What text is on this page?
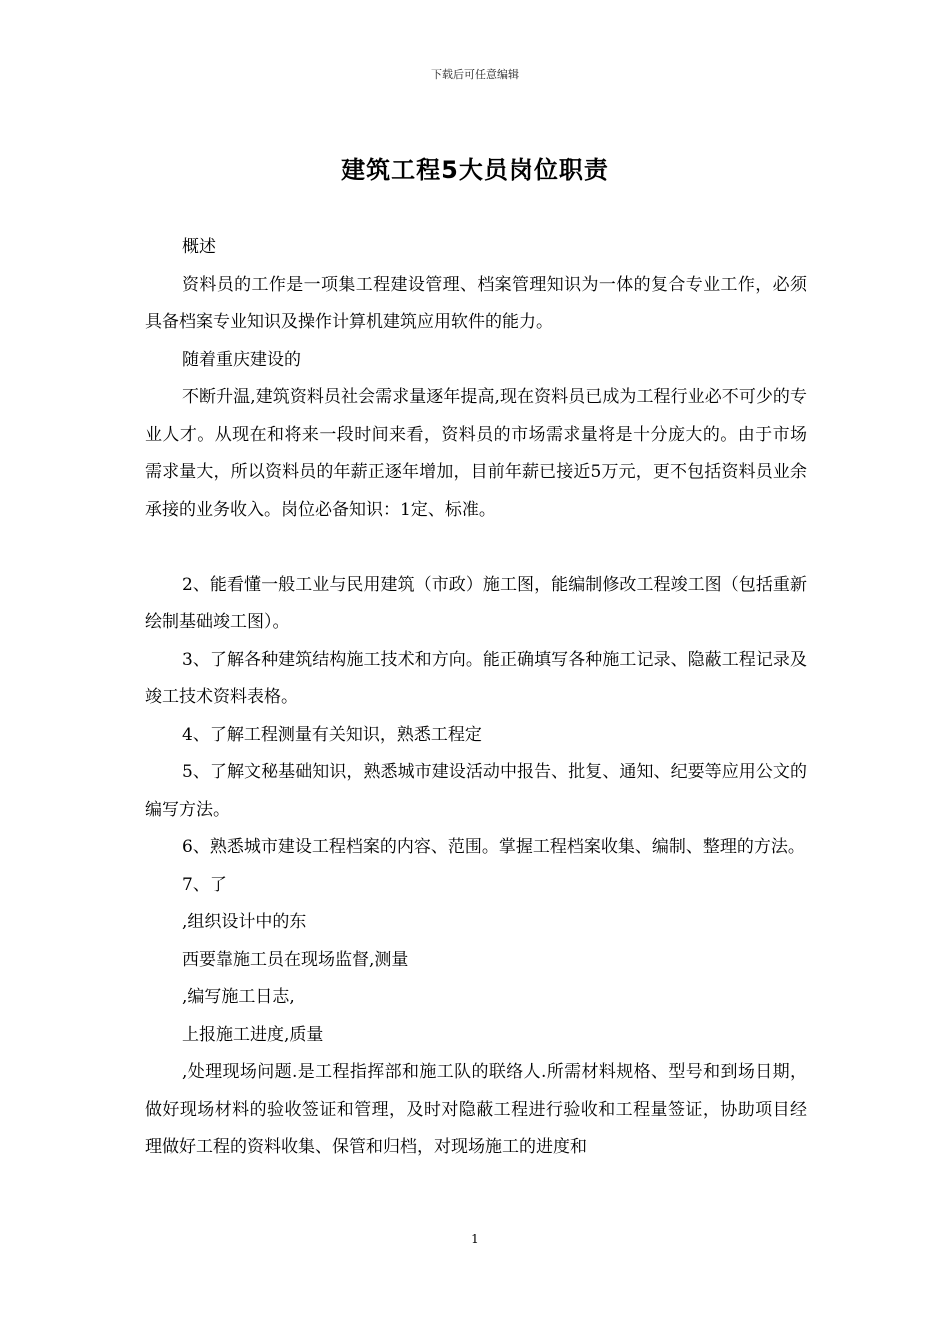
下载后可任意编辑
建筑工程5大员岗位职责

概述

资料员的工作是一项集工程建设管理、档案管理知识为一体的复合专业工作，必须具备档案专业知识及操作计算机建筑应用软件的能力。

随着重庆建设的

不断升温,建筑资料员社会需求量逐年提高,现在资料员已成为工程行业必不可少的专业人才。从现在和将来一段时间来看，资料员的市场需求量将是十分庞大的。由于市场需求量大，所以资料员的年薪正逐年增加，目前年薪已接近5万元，更不包括资料员业余承接的业务收入。岗位必备知识：1定、标准。

2、能看懂一般工业与民用建筑（市政）施工图，能编制修改工程竣工图（包括重新绘制基础竣工图）。

3、了解各种建筑结构施工技术和方向。能正确填写各种施工记录、隐蔽工程记录及竣工技术资料表格。

4、了解工程测量有关知识，熟悉工程定

5、了解文秘基础知识，熟悉城市建设活动中报告、批复、通知、纪要等应用公文的编写方法。

6、熟悉城市建设工程档案的内容、范围。掌握工程档案收集、编制、整理的方法。

7、了

,组织设计中的东

西要靠施工员在现场监督,测量

,编写施工日志,

上报施工进度,质量

,处理现场问题.是工程指挥部和施工队的联络人.所需材料规格、型号和到场日期，做好现场材料的验收签证和管理，及时对隐蔽工程进行验收和工程量签证，协助项目经理做好工程的资料收集、保管和归档，对现场施工的进度和

1
